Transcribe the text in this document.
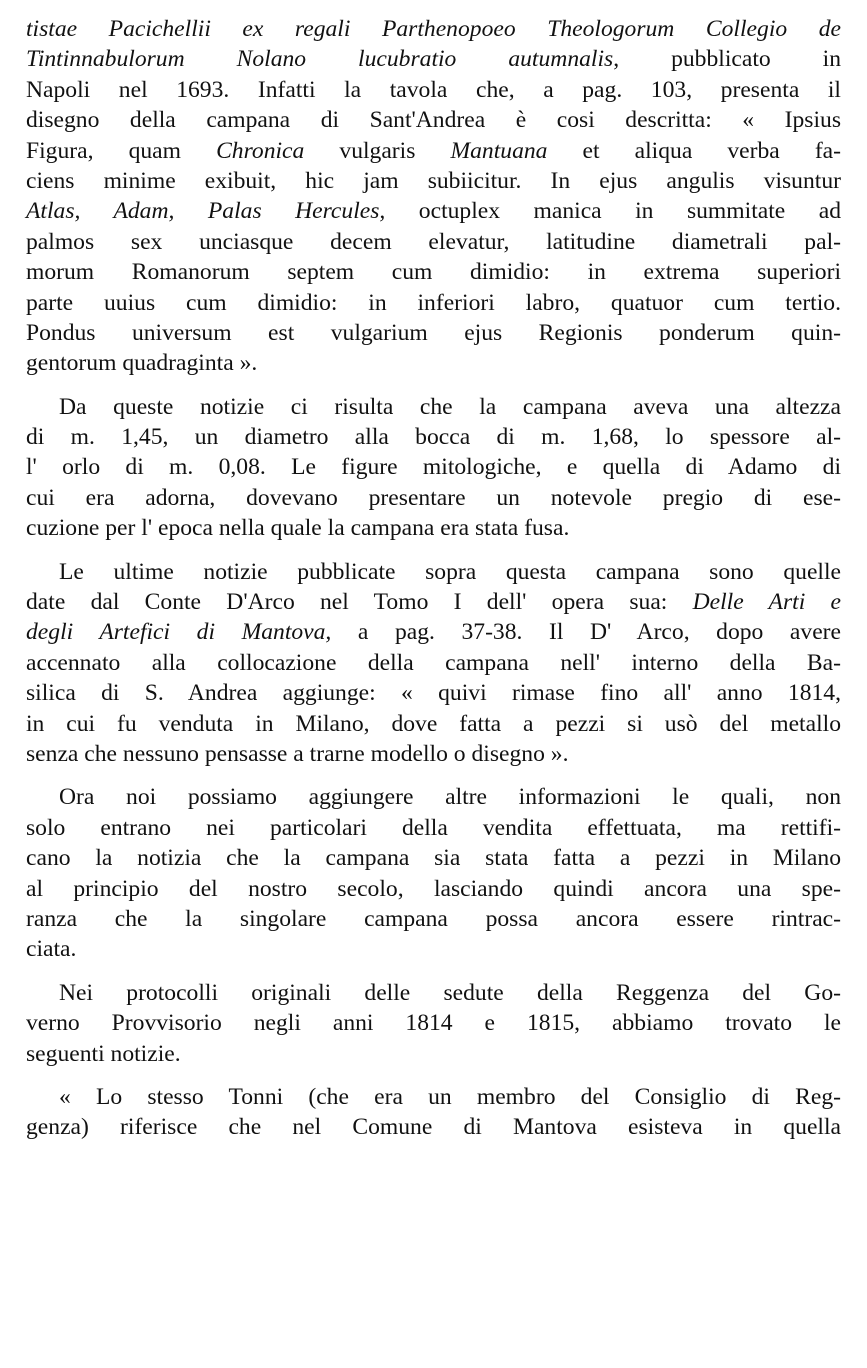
tistae Pacichellii ex regali Parthenopoeo Theologorum Collegio de
Tintinnabulorum Nolano lucubratio autumnalis, pubblicato in
Napoli nel 1693. Infatti la tavola che, a pag. 103, presenta il
disegno della campana di Sant'Andrea è cosi descritta: « Ipsius
Figura, quam Chronica vulgaris Mantuana et aliqua verba fa-
ciens minime exibuit, hic jam subiicitur. In ejus angulis visuntur
Atlas, Adam, Palas Hercules, octuplex manica in summitate ad
palmos sex unciasque decem elevatur, latitudine diametrali pal-
morum Romanorum septem cum dimidio: in extrema superiori
parte uuius cum dimidio: in inferiori labro, quatuor cum tertio.
Pondus universum est vulgarium ejus Regionis ponderum quin-
gentorum quadraginta ».
Da queste notizie ci risulta che la campana aveva una altezza
di m. 1,45, un diametro alla bocca di m. 1,68, lo spessore al-
l' orlo di m. 0,08. Le figure mitologiche, e quella di Adamo di
cui era adorna, dovevano presentare un notevole pregio di ese-
cuzione per l' epoca nella quale la campana era stata fusa.
Le ultime notizie pubblicate sopra questa campana sono quelle
date dal Conte D'Arco nel Tomo I dell' opera sua: Delle Arti e
degli Artefici di Mantova, a pag. 37-38. Il D' Arco, dopo avere
accennato alla collocazione della campana nell' interno della Ba-
silica di S. Andrea aggiunge: « quivi rimase fino all' anno 1814,
in cui fu venduta in Milano, dove fatta a pezzi si usò del metallo
senza che nessuno pensasse a trarne modello o disegno ».
Ora noi possiamo aggiungere altre informazioni le quali, non
solo entrano nei particolari della vendita effettuata, ma rettifi-
cano la notizia che la campana sia stata fatta a pezzi in Milano
al principio del nostro secolo, lasciando quindi ancora una spe-
ranza che la singolare campana possa ancora essere rintrac-
ciata.
Nei protocolli originali delle sedute della Reggenza del Go-
verno Provvisorio negli anni 1814 e 1815, abbiamo trovato le
seguenti notizie.
« Lo stesso Tonni (che era un membro del Consiglio di Reg-
genza) riferisce che nel Comune di Mantova esisteva in quella
